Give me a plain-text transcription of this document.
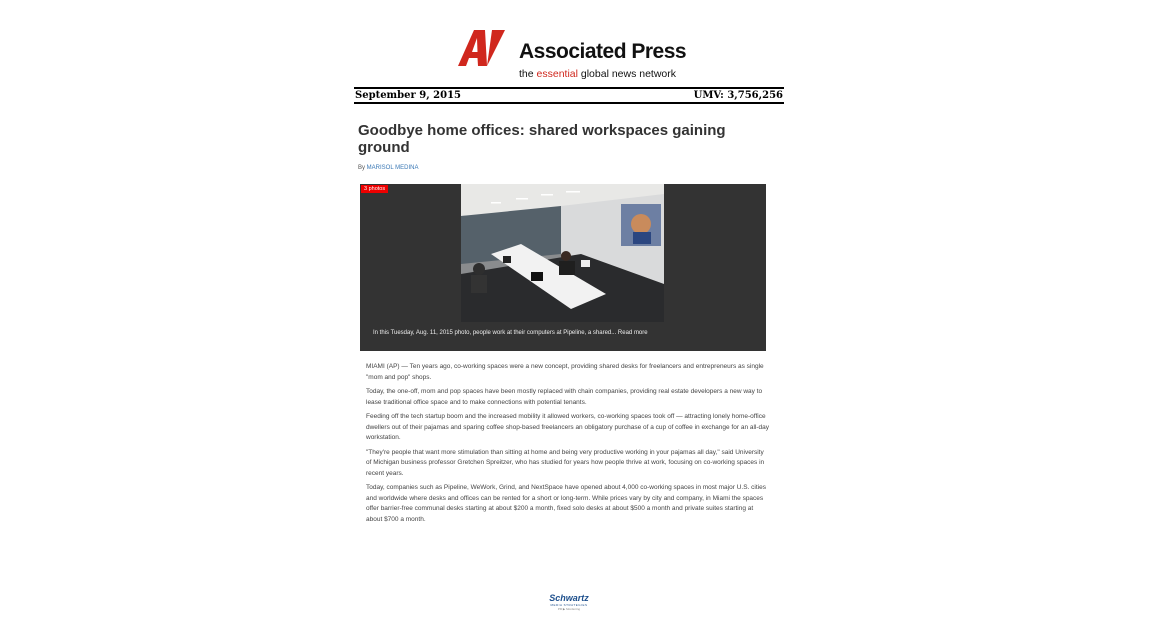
Associated Press
the essential global news network
September 9, 2015	UMV: 3,756,256
Goodbye home offices: shared workspaces gaining ground
By MARISOL MEDINA
3 photos
In this Tuesday, Aug. 11, 2015 photo, people work at their computers at Pipeline, a shared... Read more

MIAMI (AP) — Ten years ago, co-working spaces were a new concept, providing shared desks for freelancers and entrepreneurs as single "mom and pop" shops.

Today, the one-off, mom and pop spaces have been mostly replaced with chain companies, providing real estate developers a new way to lease traditional office space and to make connections with potential tenants.

Feeding off the tech startup boom and the increased mobility it allowed workers, co-working spaces took off — attracting lonely home-office dwellers out of their pajamas and sparing coffee shop-based freelancers an obligatory purchase of a cup of coffee in exchange for an all-day workstation.

"They're people that want more stimulation than sitting at home and being very productive working in your pajamas all day," said University of Michigan business professor Gretchen Spreitzer, who has studied for years how people thrive at work, focusing on co-working spaces in recent years.

Today, companies such as Pipeline, WeWork, Grind, and NextSpace have opened about 4,000 co-working spaces in most major U.S. cities and worldwide where desks and offices can be rented for a short or long-term. While prices vary by city and company, in Miami the spaces offer barrier-free communal desks starting at about $200 a month, fixed solo desks at about $500 a month and private suites starting at about $700 a month.

Schwartz
MEDIA STRATEGIES
PR ▶ Monitoring
